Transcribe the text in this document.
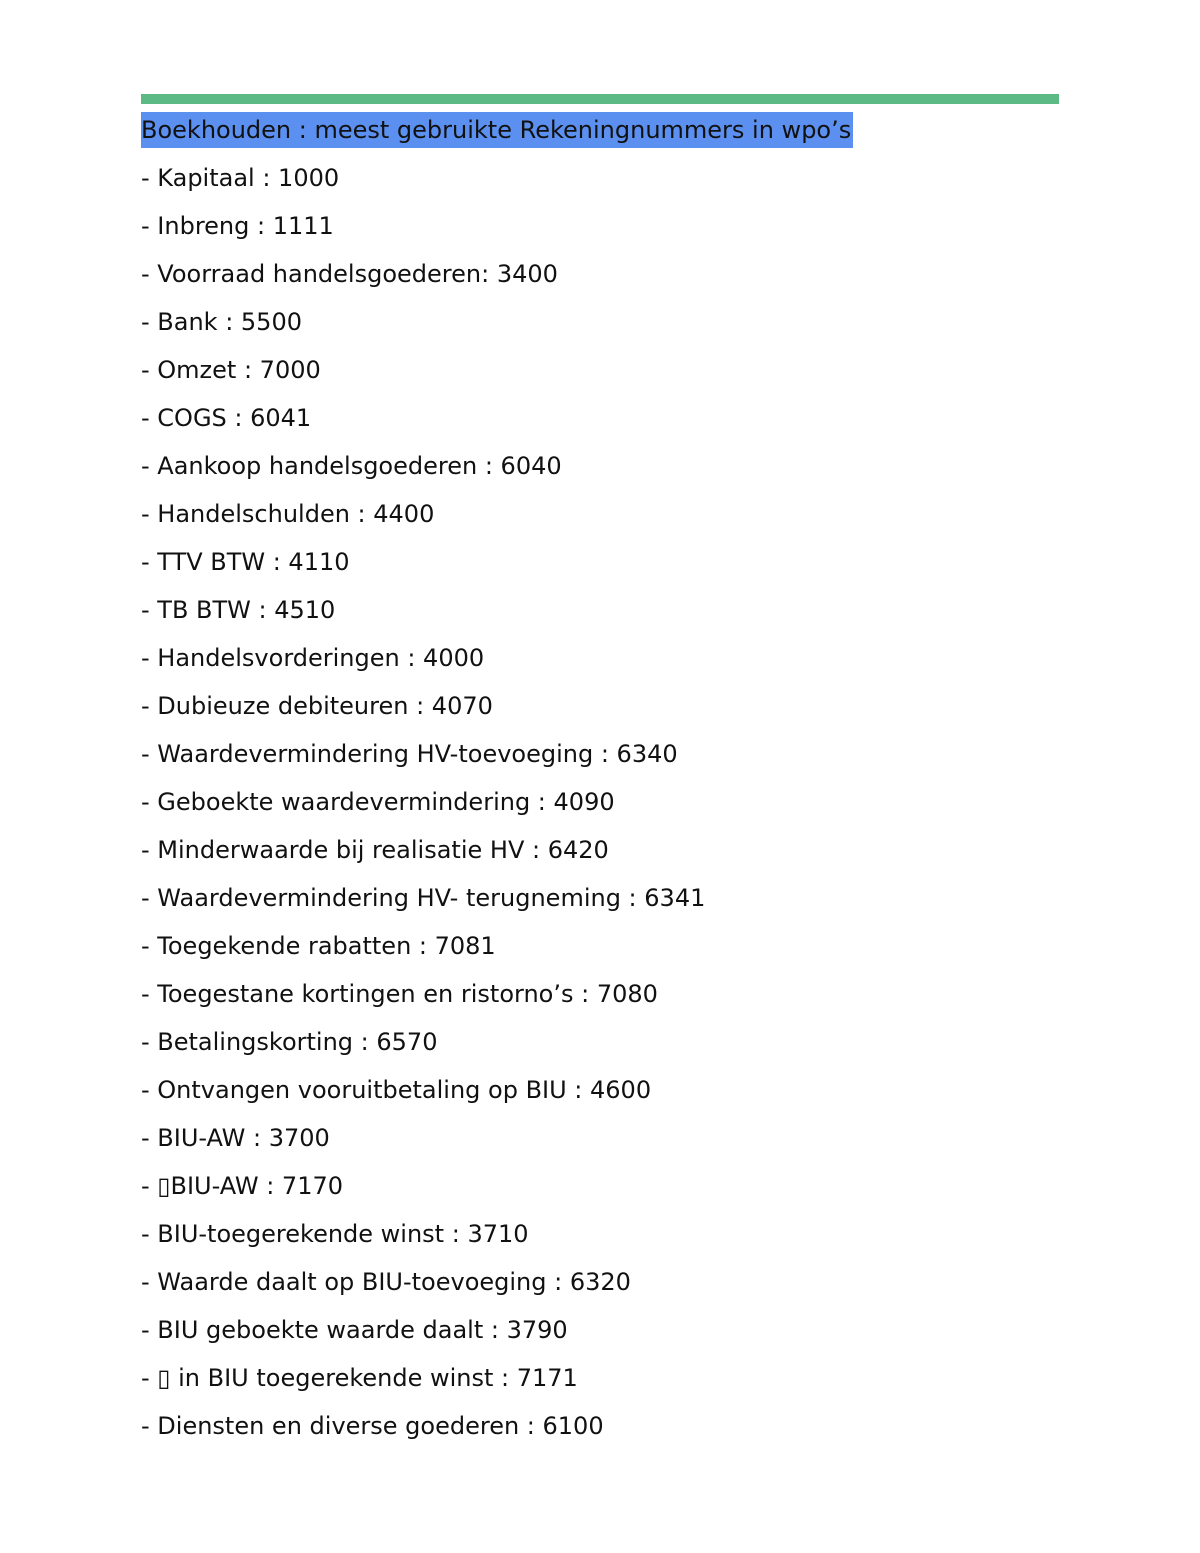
Boekhouden : meest gebruikte Rekeningnummers in wpo’s
- Kapitaal : 1000
- Inbreng : 1111
- Voorraad handelsgoederen: 3400
- Bank : 5500
- Omzet : 7000
- COGS : 6041
- Aankoop handelsgoederen : 6040
- Handelschulden : 4400
- TTV BTW : 4110
- TB BTW : 4510
- Handelsvorderingen : 4000
- Dubieuze debiteuren : 4070
- Waardevermindering HV-toevoeging : 6340
- Geboekte waardevermindering : 4090
- Minderwaarde bij realisatie HV : 6420
- Waardevermindering HV- terugneming : 6341
- Toegekende rabatten : 7081
- Toegestane kortingen en ristorno’s : 7080
- Betalingskorting : 6570
- Ontvangen vooruitbetaling op BIU : 4600
- BIU-AW : 3700
- ▯BIU-AW : 7170
- BIU-toegerekende winst : 3710
- Waarde daalt op BIU-toevoeging : 6320
- BIU geboekte waarde daalt : 3790
- ▯ in BIU toegerekende winst : 7171
- Diensten en diverse goederen : 6100
